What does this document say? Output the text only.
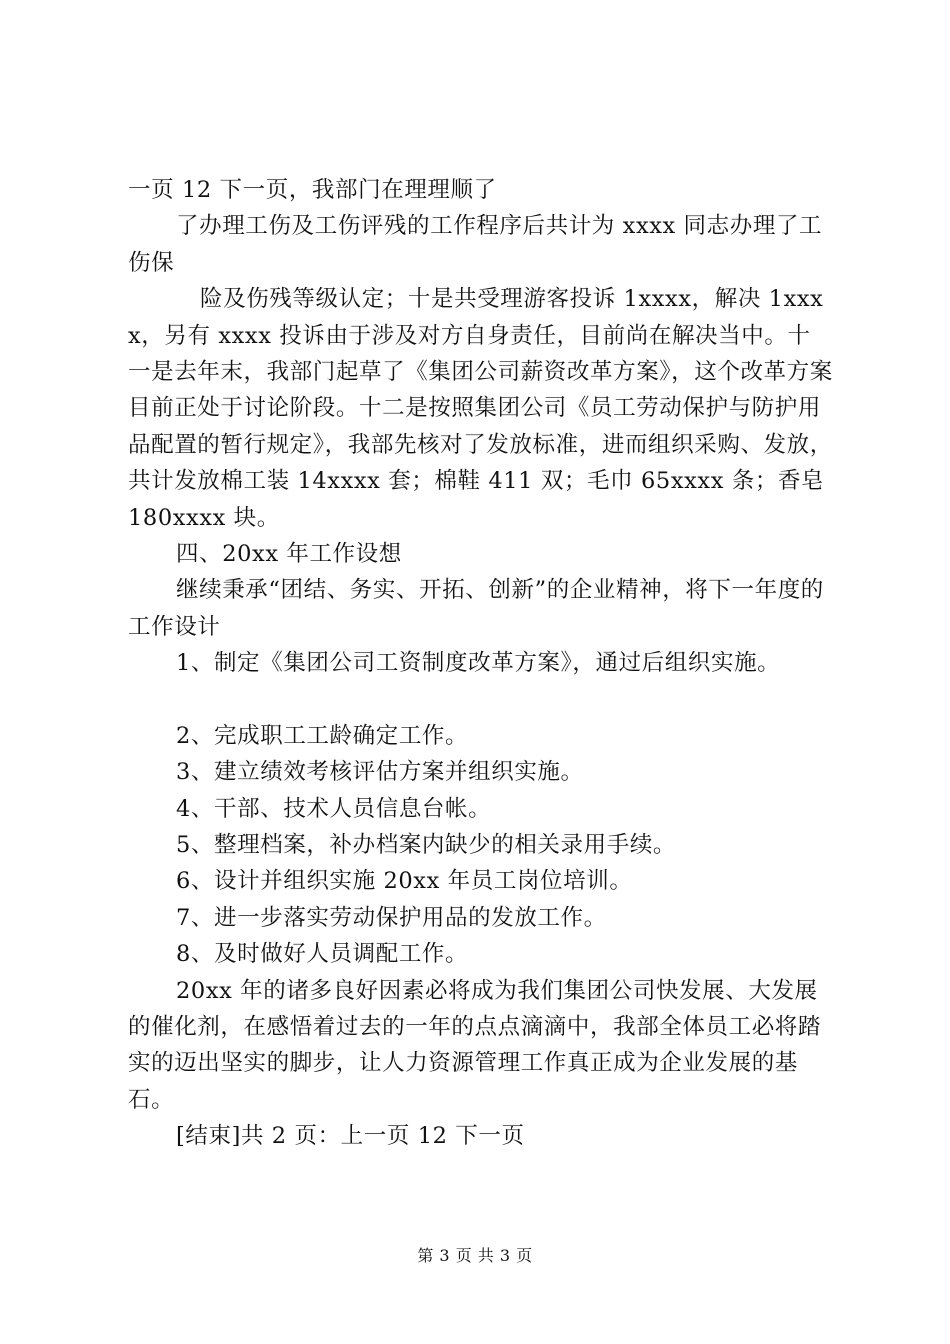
一页 12 下一页，我部门在理理顺了

了办理工伤及工伤评残的工作程序后共计为 xxxx 同志办理了工伤保

险及伤残等级认定；十是共受理游客投诉 1xxxx，解决 1xxxx，另有 xxxx 投诉由于涉及对方自身责任，目前尚在解决当中。十一是去年末，我部门起草了《集团公司薪资改革方案》，这个改革方案目前正处于讨论阶段。十二是按照集团公司《员工劳动保护与防护用品配置的暂行规定》，我部先核对了发放标准，进而组织采购、发放，共计发放棉工装 14xxxx 套；棉鞋 411 双；毛巾 65xxxx 条；香皂 180xxxx 块。

四、20xx 年工作设想

继续秉承“团结、务实、开拓、创新”的企业精神，将下一年度的工作设计

1、制定《集团公司工资制度改革方案》，通过后组织实施。

2、完成职工工龄确定工作。

3、建立绩效考核评估方案并组织实施。

4、干部、技术人员信息台帐。

5、整理档案，补办档案内缺少的相关录用手续。

6、设计并组织实施 20xx 年员工岗位培训。

7、进一步落实劳动保护用品的发放工作。

8、及时做好人员调配工作。

20xx 年的诸多良好因素必将成为我们集团公司快发展、大发展的催化剂，在感悟着过去的一年的点点滴滴中，我部全体员工必将踏实的迈出坚实的脚步，让人力资源管理工作真正成为企业发展的基石。

[结束]共 2 页：上一页 12 下一页

第 3 页 共 3 页
